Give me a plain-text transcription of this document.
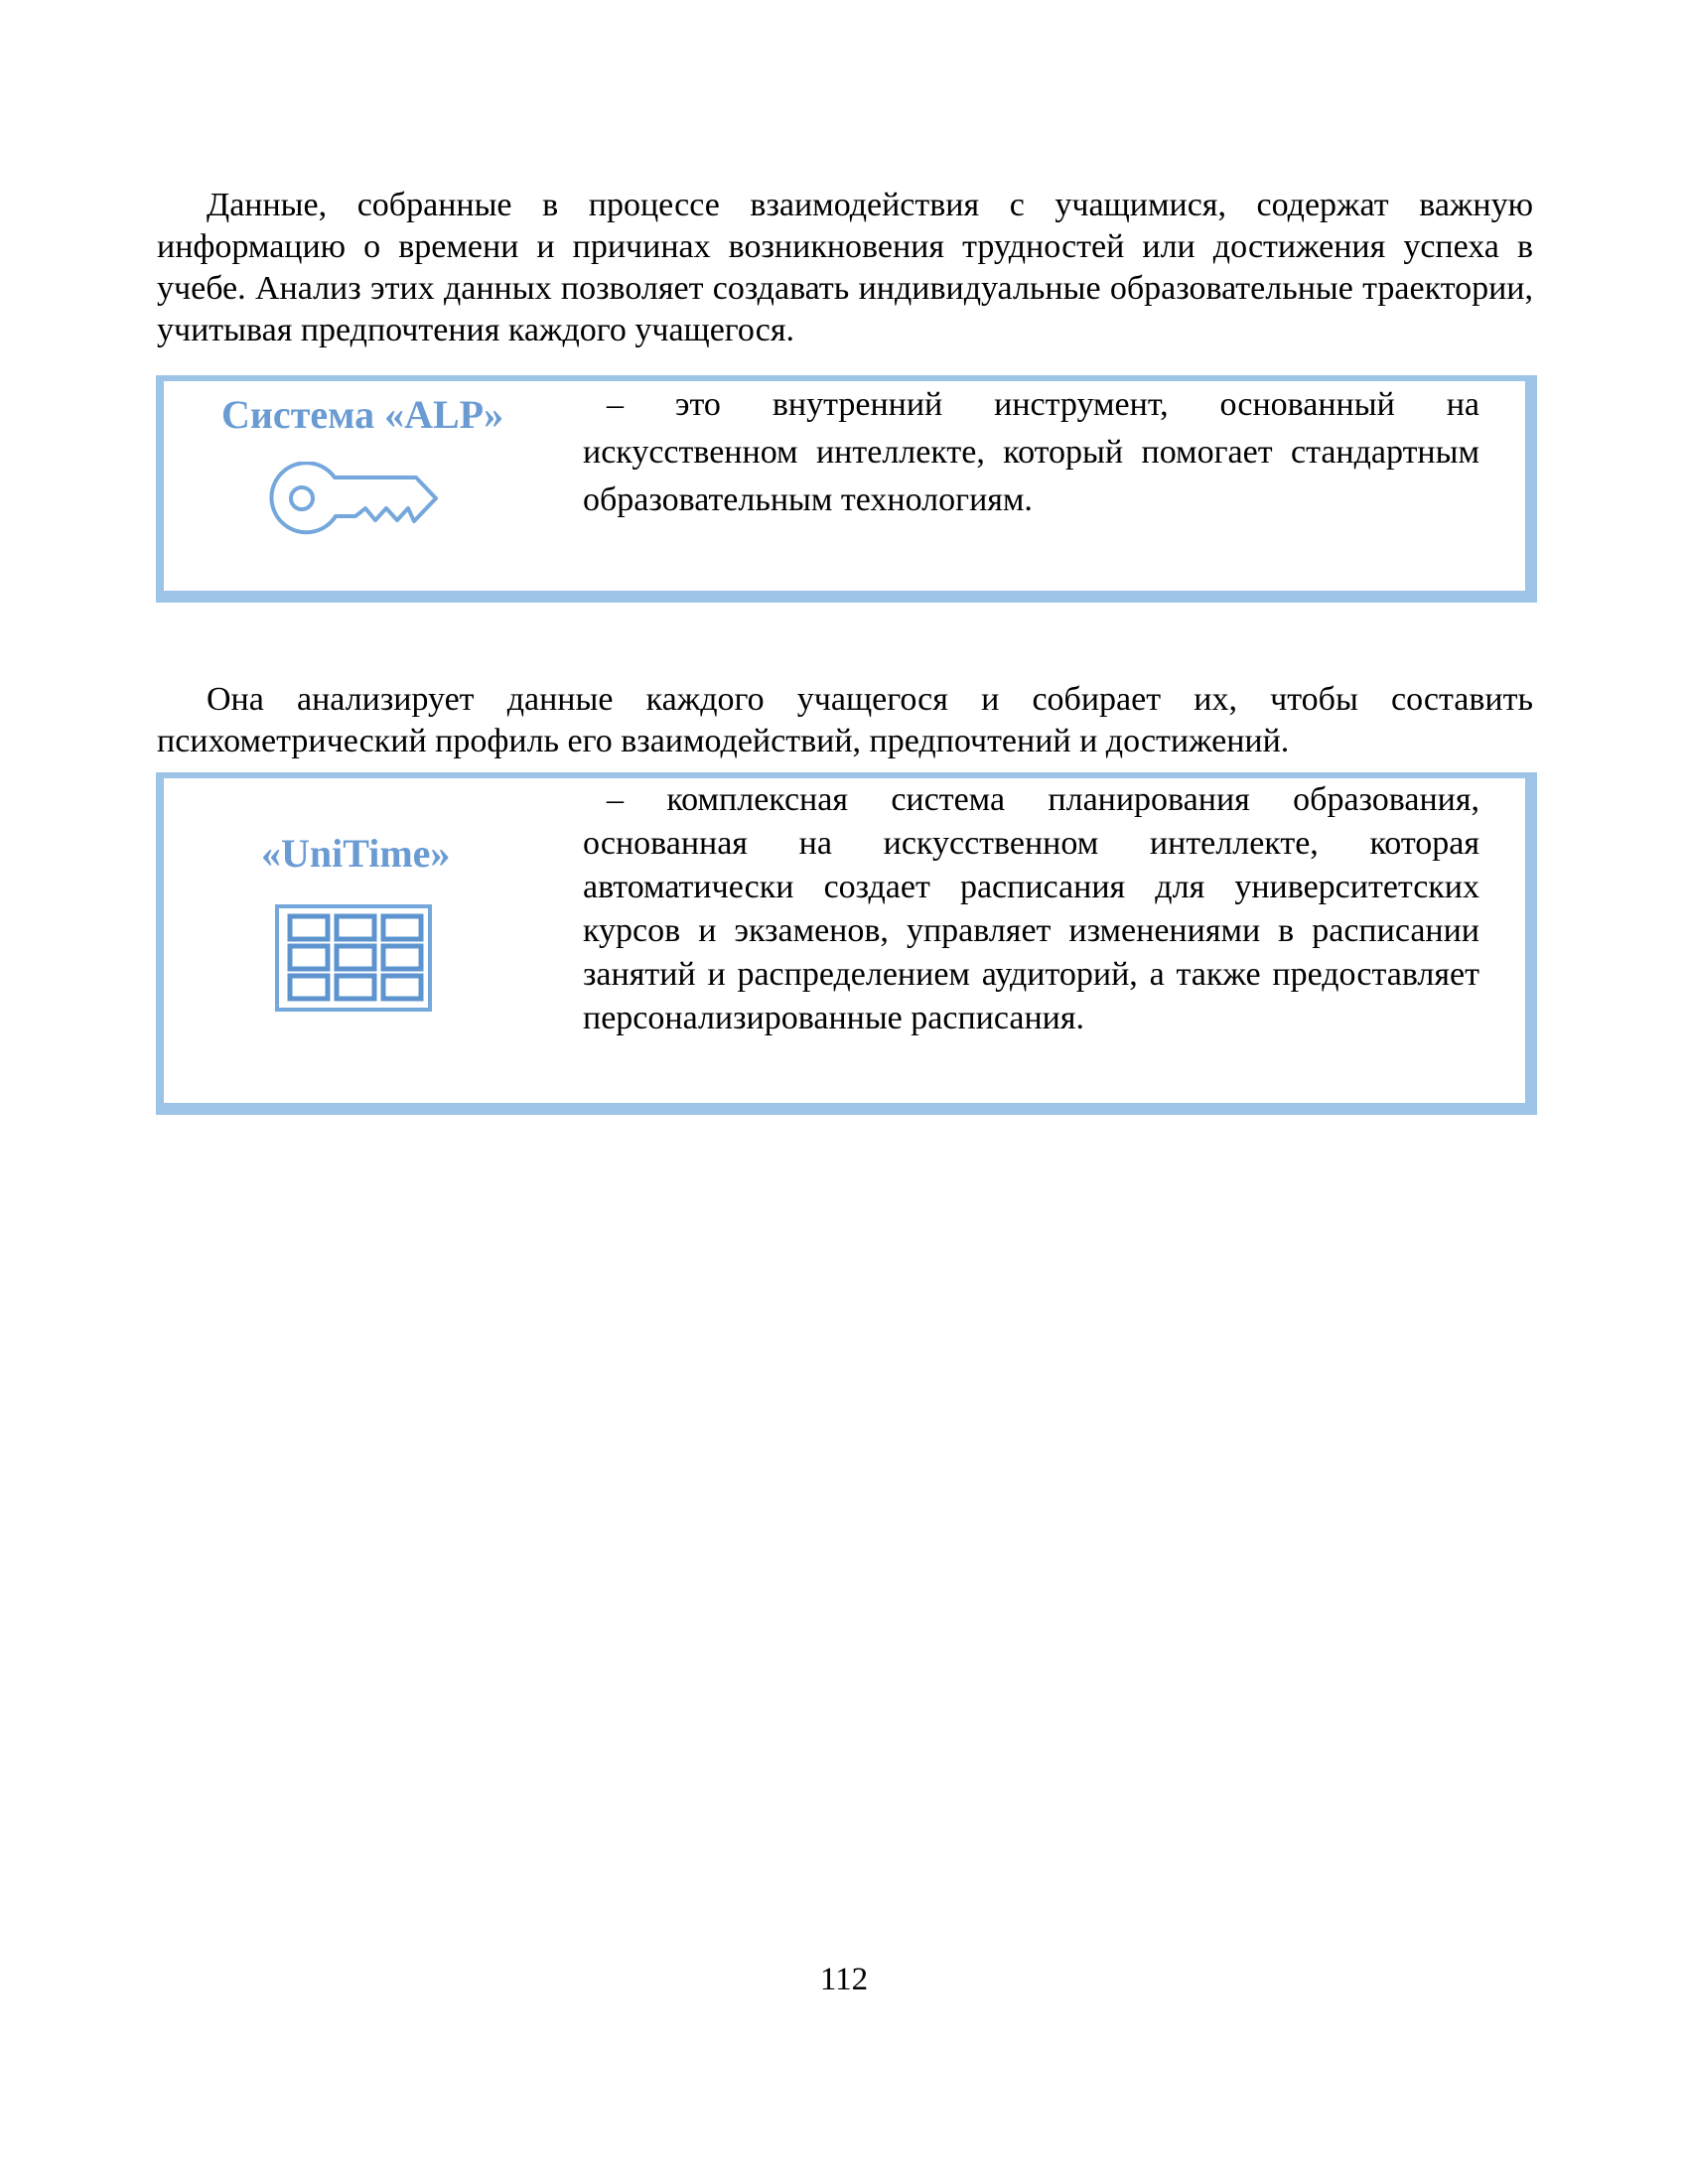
Данные, собранные в процессе взаимодействия с учащимися, содержат важную информацию о времени и причинах возникновения трудностей или достижения успеха в учебе. Анализ этих данных позволяет создавать индивидуальные образовательные траектории, учитывая предпочтения каждого учащегося.

Система «ALP»	– это внутренний инструмент, основанный на искусственном интеллекте, который помогает стандартным образовательным технологиям.

Она анализирует данные каждого учащегося и собирает их, чтобы составить психометрический профиль его взаимодействий, предпочтений и достижений.

«UniTime»

– комплексная система планирования образования, основанная на искусственном интеллекте, которая автоматически создает расписания для университетских курсов и экзаменов, управляет изменениями в расписании занятий и распределением аудиторий, а также предоставляет персонализированные расписания.

112
